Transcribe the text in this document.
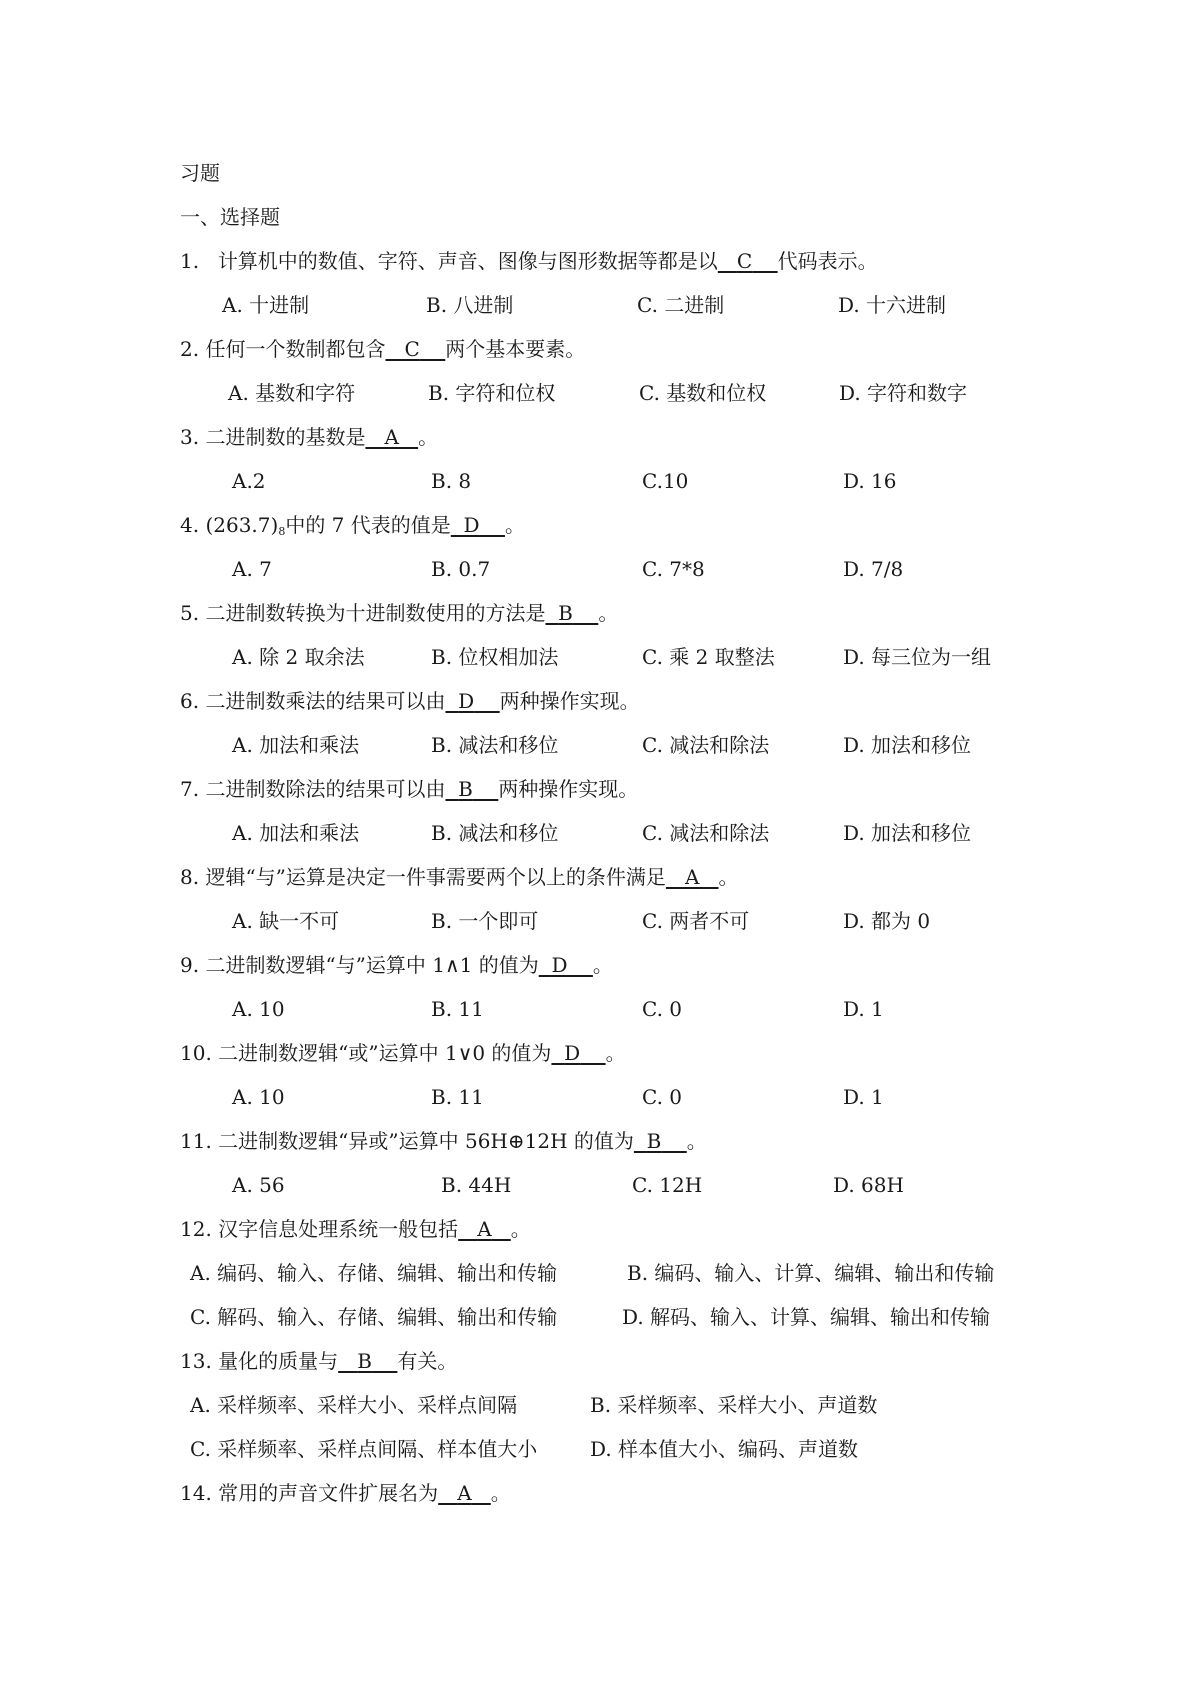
习题
一、选择题
1. 计算机中的数值、字符、声音、图像与图形数据等都是以 C 代码表示。
A. 十进制	B. 八进制	C. 二进制	D. 十六进制
2. 任何一个数制都包含 C 两个基本要素。
A. 基数和字符	B. 字符和位权	C. 基数和位权	D. 字符和数字
3. 二进制数的基数是 A 。
A.2	B. 8	C.10	D. 16
4. $(263.7)_8$中的 7 代表的值是 D 。
A. 7	B. 0.7	C. 7*8	D. 7/8
5. 二进制数转换为十进制数使用的方法是 B 。
A. 除 2 取余法	B. 位权相加法	C. 乘 2 取整法	D. 每三位为一组
6. 二进制数乘法的结果可以由 D 两种操作实现。
A. 加法和乘法	B. 减法和移位	C. 减法和除法	D. 加法和移位
7. 二进制数除法的结果可以由 B 两种操作实现。
A. 加法和乘法	B. 减法和移位	C. 减法和除法	D. 加法和移位
8. 逻辑“与”运算是决定一件事需要两个以上的条件满足 A 。
A. 缺一不可	B. 一个即可	C. 两者不可	D. 都为 0
9. 二进制数逻辑“与”运算中 1∧1 的值为 D 。
A. 10	B. 11	C. 0	D. 1
10. 二进制数逻辑“或”运算中 1∨0 的值为 D 。
A. 10	B. 11	C. 0	D. 1
11. 二进制数逻辑“异或”运算中 56H⊕12H 的值为 B 。
A. 56	B. 44H	C. 12H	D. 68H
12. 汉字信息处理系统一般包括 A 。
A. 编码、输入、存储、编辑、输出和传输	B. 编码、输入、计算、编辑、输出和传输
C. 解码、输入、存储、编辑、输出和传输	D. 解码、输入、计算、编辑、输出和传输
13. 量化的质量与 B 有关。
A. 采样频率、采样大小、采样点间隔	B. 采样频率、采样大小、声道数
C. 采样频率、采样点间隔、样本值大小	D. 样本值大小、编码、声道数
14. 常用的声音文件扩展名为 A 。
